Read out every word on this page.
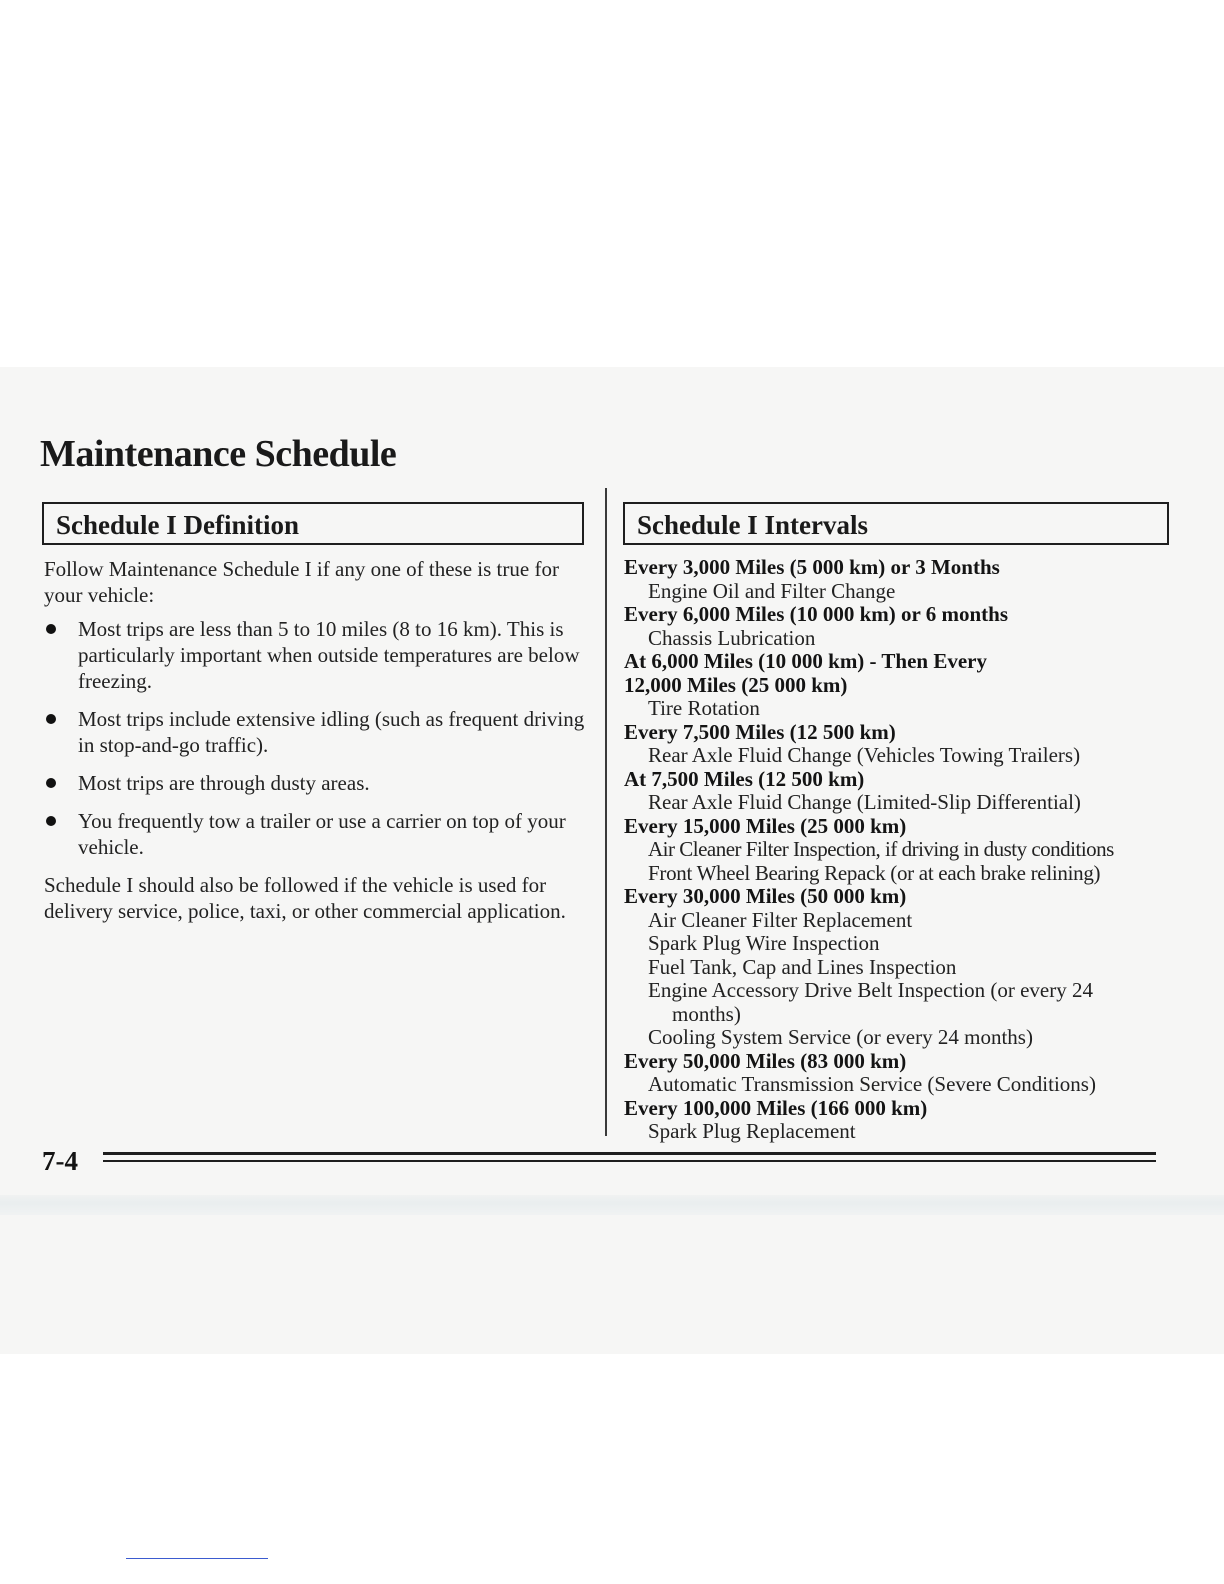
Maintenance Schedule
Schedule I Definition	Schedule I Intervals

Follow Maintenance Schedule I if any one of these is true for your vehicle:

Most trips are less than 5 to 10 miles (8 to 16 km). This is particularly important when outside temperatures are below freezing.
Most trips include extensive idling (such as frequent driving in stop-and-go traffic).
Most trips are through dusty areas.
You frequently tow a trailer or use a carrier on top of your vehicle.

Schedule I should also be followed if the vehicle is used for delivery service, police, taxi, or other commercial application.

Every 3,000 Miles (5 000 km) or 3 Months
Engine Oil and Filter Change
Every 6,000 Miles (10 000 km) or 6 months
Chassis Lubrication
At 6,000 Miles (10 000 km) - Then Every 12,000 Miles (25 000 km)
Tire Rotation
Every 7,500 Miles (12 500 km)
Rear Axle Fluid Change (Vehicles Towing Trailers)
At 7,500 Miles (12 500 km)
Rear Axle Fluid Change (Limited-Slip Differential)
Every 15,000 Miles (25 000 km)
Air Cleaner Filter Inspection, if driving in dusty conditions
Front Wheel Bearing Repack (or at each brake relining)
Every 30,000 Miles (50 000 km)
Air Cleaner Filter Replacement
Spark Plug Wire Inspection
Fuel Tank, Cap and Lines Inspection
Engine Accessory Drive Belt Inspection (or every 24 months)
Cooling System Service (or every 24 months)
Every 50,000 Miles (83 000 km)
Automatic Transmission Service (Severe Conditions)
Every 100,000 Miles (166 000 km)
Spark Plug Replacement
7-4
